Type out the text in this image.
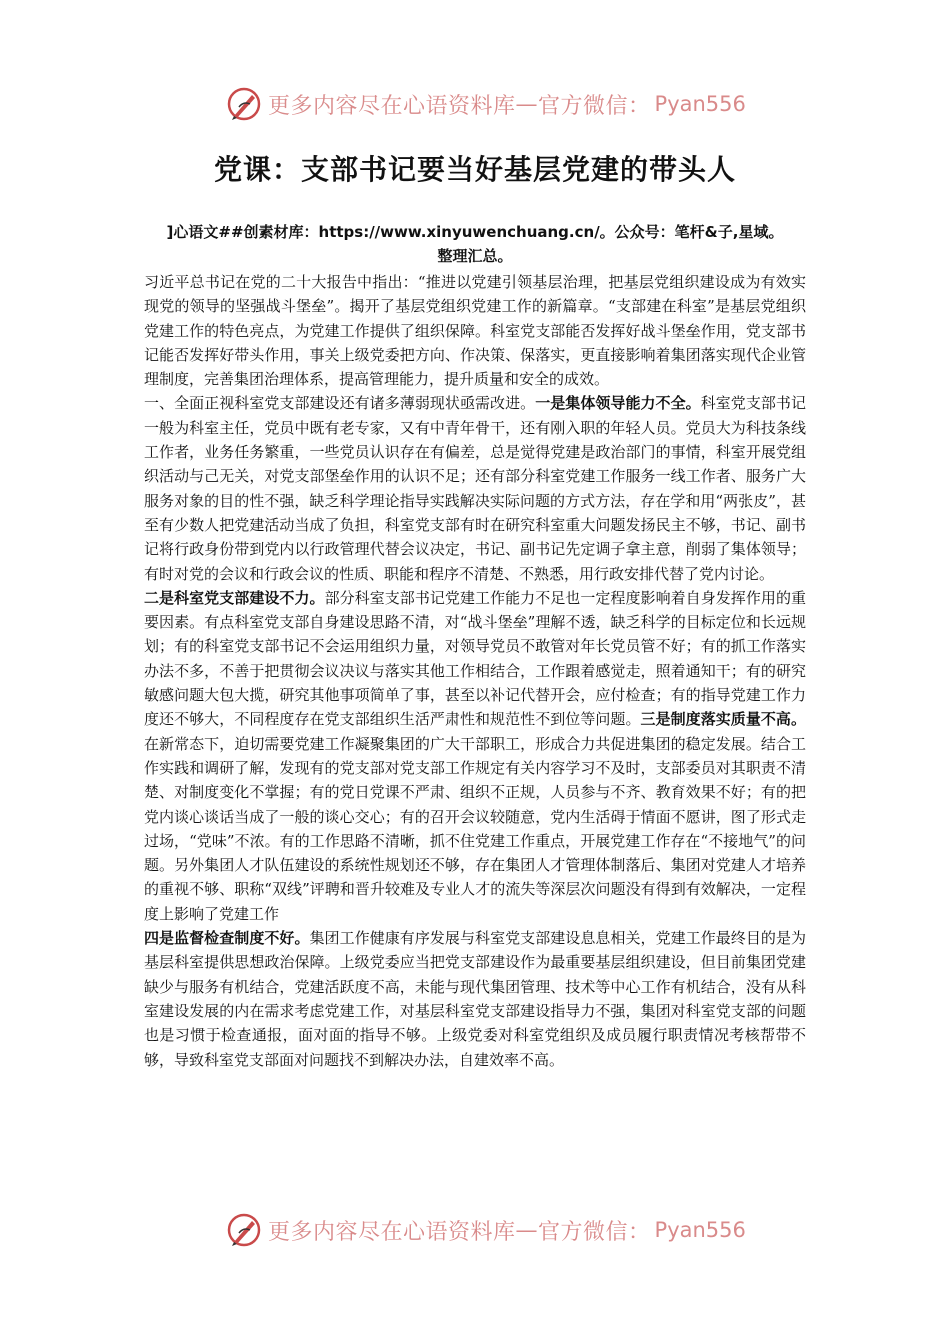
更多内容尽在心语资料库 — 官方微信： Pyan556
党课：支部书记要当好基层党建的带头人
]心语文##创素材库：https://www.xinyuwenchuang.cn/。公众号：笔杆&子,星域。
整理汇总。

习近平总书记在党的二十大报告中指出：“推进以党建引领基层治理，把基层党组织建设成为有效实现党的领导的坚强战斗堡垒”。揭开了基层党组织党建工作的新篇章。“支部建在科室”是基层党组织党建工作的特色亮点，为党建工作提供了组织保障。科室党支部能否发挥好战斗堡垒作用，党支部书记能否发挥好带头作用，事关上级党委把方向、作决策、保落实，更直接影响着集团落实现代企业管理制度，完善集团治理体系，提高管理能力，提升质量和安全的成效。

一、全面正视科室党支部建设还有诸多薄弱现状亟需改进。一是集体领导能力不全。科室党支部书记一般为科室主任，党员中既有老专家，又有中青年骨干，还有刚入职的年轻人员。党员大为科技条线工作者，业务任务繁重，一些党员认识存在有偏差，总是觉得党建是政治部门的事情，科室开展党组织活动与己无关，对党支部堡垒作用的认识不足；还有部分科室党建工作服务一线工作者、服务广大服务对象的目的性不强，缺乏科学理论指导实践解决实际问题的方式方法，存在学和用“两张皮”，甚至有少数人把党建活动当成了负担，科室党支部有时在研究科室重大问题发扬民主不够，书记、副书记将行政身份带到党内以行政管理代替会议决定，书记、副书记先定调子拿主意，削弱了集体领导；有时对党的会议和行政会议的性质、职能和程序不清楚、不熟悉，用行政安排代替了党内讨论。

二是科室党支部建设不力。部分科室支部书记党建工作能力不足也一定程度影响着自身发挥作用的重要因素。有点科室党支部自身建设思路不清，对“战斗堡垒”理解不透，缺乏科学的目标定位和长远规划；有的科室党支部书记不会运用组织力量，对领导党员不敢管对年长党员管不好；有的抓工作落实办法不多，不善于把贯彻会议决议与落实其他工作相结合，工作跟着感觉走，照着通知干；有的研究敏感问题大包大揽，研究其他事项简单了事，甚至以补记代替开会，应付检查；有的指导党建工作力度还不够大，不同程度存在党支部组织生活严肃性和规范性不到位等问题。三是制度落实质量不高。在新常态下，迫切需要党建工作凝聚集团的广大干部职工，形成合力共促进集团的稳定发展。结合工作实践和调研了解，发现有的党支部对党支部工作规定有关内容学习不及时，支部委员对其职责不清楚、对制度变化不掌握；有的党日党课不严肃、组织不正规，人员参与不齐、教育效果不好；有的把党内谈心谈话当成了一般的谈心交心；有的召开会议较随意，党内生活碍于情面不愿讲，图了形式走过场，“党味”不浓。有的工作思路不清晰，抓不住党建工作重点，开展党建工作存在“不接地气”的问题。另外集团人才队伍建设的系统性规划还不够，存在集团人才管理体制落后、集团对党建人才培养的重视不够、职称“双线”评聘和晋升较难及专业人才的流失等深层次问题没有得到有效解决，一定程度上影响了党建工作

四是监督检查制度不好。集团工作健康有序发展与科室党支部建设息息相关，党建工作最终目的是为基层科室提供思想政治保障。上级党委应当把党支部建设作为最重要基层组织建设，但目前集团党建缺少与服务有机结合，党建活跃度不高，未能与现代集团管理、技术等中心工作有机结合，没有从科室建设发展的内在需求考虑党建工作，对基层科室党支部建设指导力不强，集团对科室党支部的问题也是习惯于检查通报，面对面的指导不够。上级党委对科室党组织及成员履行职责情况考核帮带不够，导致科室党支部面对问题找不到解决办法，自建效率不高。

更多内容尽在心语资料库 — 官方微信： Pyan556
